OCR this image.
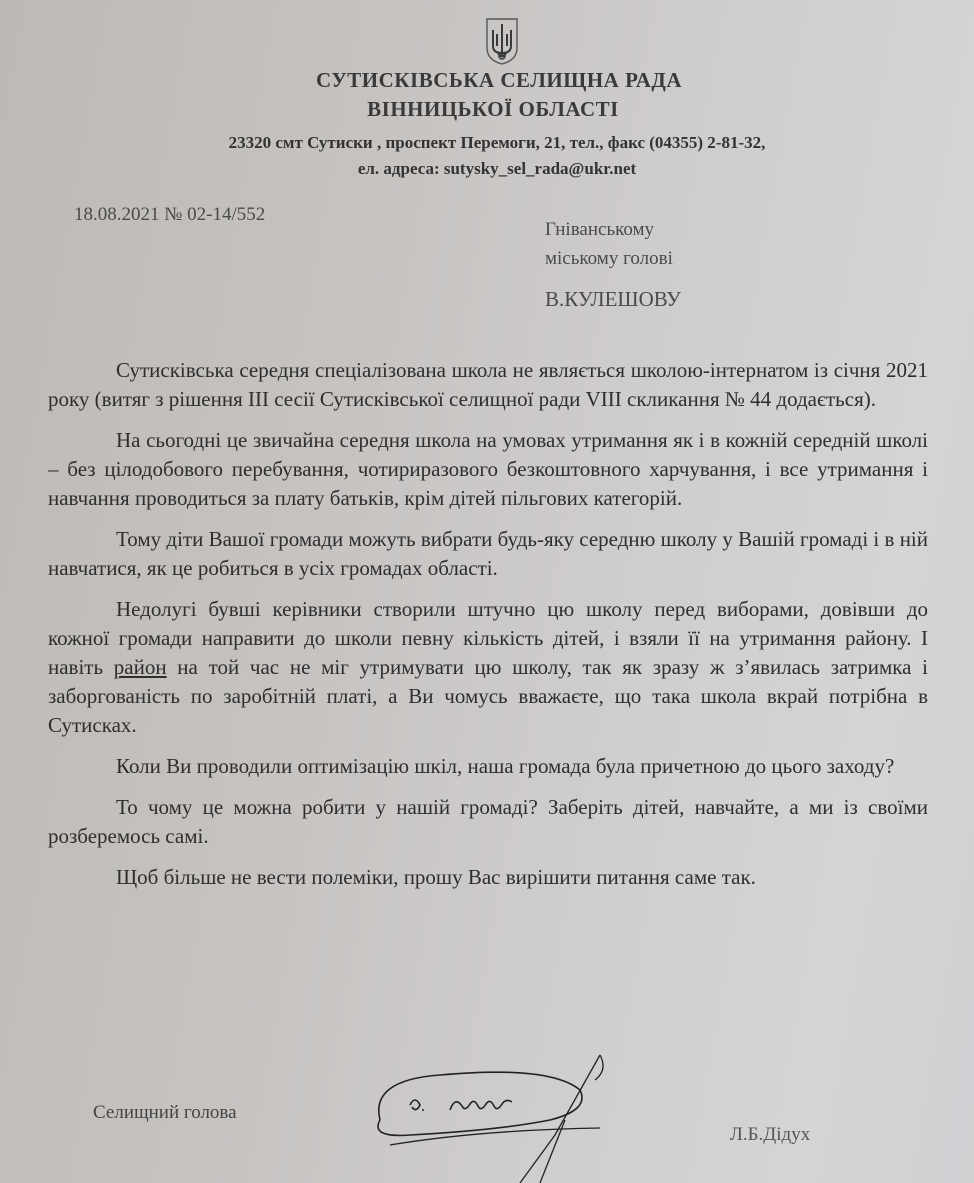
СУТИСКІВСЬКА СЕЛИЩНА РАДА
ВІННИЦЬКОЇ ОБЛАСТІ
23320 смт Сутиски , проспект Перемоги, 21, тел., факс (04355) 2-81-32,
ел. адреса: sutysky_sel_rada@ukr.net
18.08.2021 № 02-14/552
Гніванському
міському голові
В.КУЛЕШОВУ

Сутисківська середня спеціалізована школа не являється школою-інтернатом із січня 2021 року (витяг з рішення ІІІ сесії Сутисківської селищної ради VIII скликання № 44 додається).

На сьогодні це звичайна середня школа на умовах утримання як і в кожній середній школі – без цілодобового перебування, чотириразового безкоштовного харчування, і все утримання і навчання проводиться за плату батьків, крім дітей пільгових категорій.

Тому діти Вашої громади можуть вибрати будь-яку середню школу у Вашій громаді і в ній навчатися, як це робиться в усіх громадах області.

Недолугі бувші керівники створили штучно цю школу перед виборами, довівши до кожної громади направити до школи певну кількість дітей, і взяли її на утримання району. І навіть район на той час не міг утримувати цю школу, так як зразу ж з’явилась затримка і заборгованість по заробітній платі, а Ви чомусь вважаєте, що така школа вкрай потрібна в Сутисках.

Коли Ви проводили оптимізацію шкіл, наша громада була причетною до цього заходу?

То чому це можна робити у нашій громаді? Заберіть дітей, навчайте, а ми із своїми розберемось самі.

Щоб більше не вести полеміки, прошу Вас вирішити питання саме так.

Селищний голова
Л.Б.Дідух
